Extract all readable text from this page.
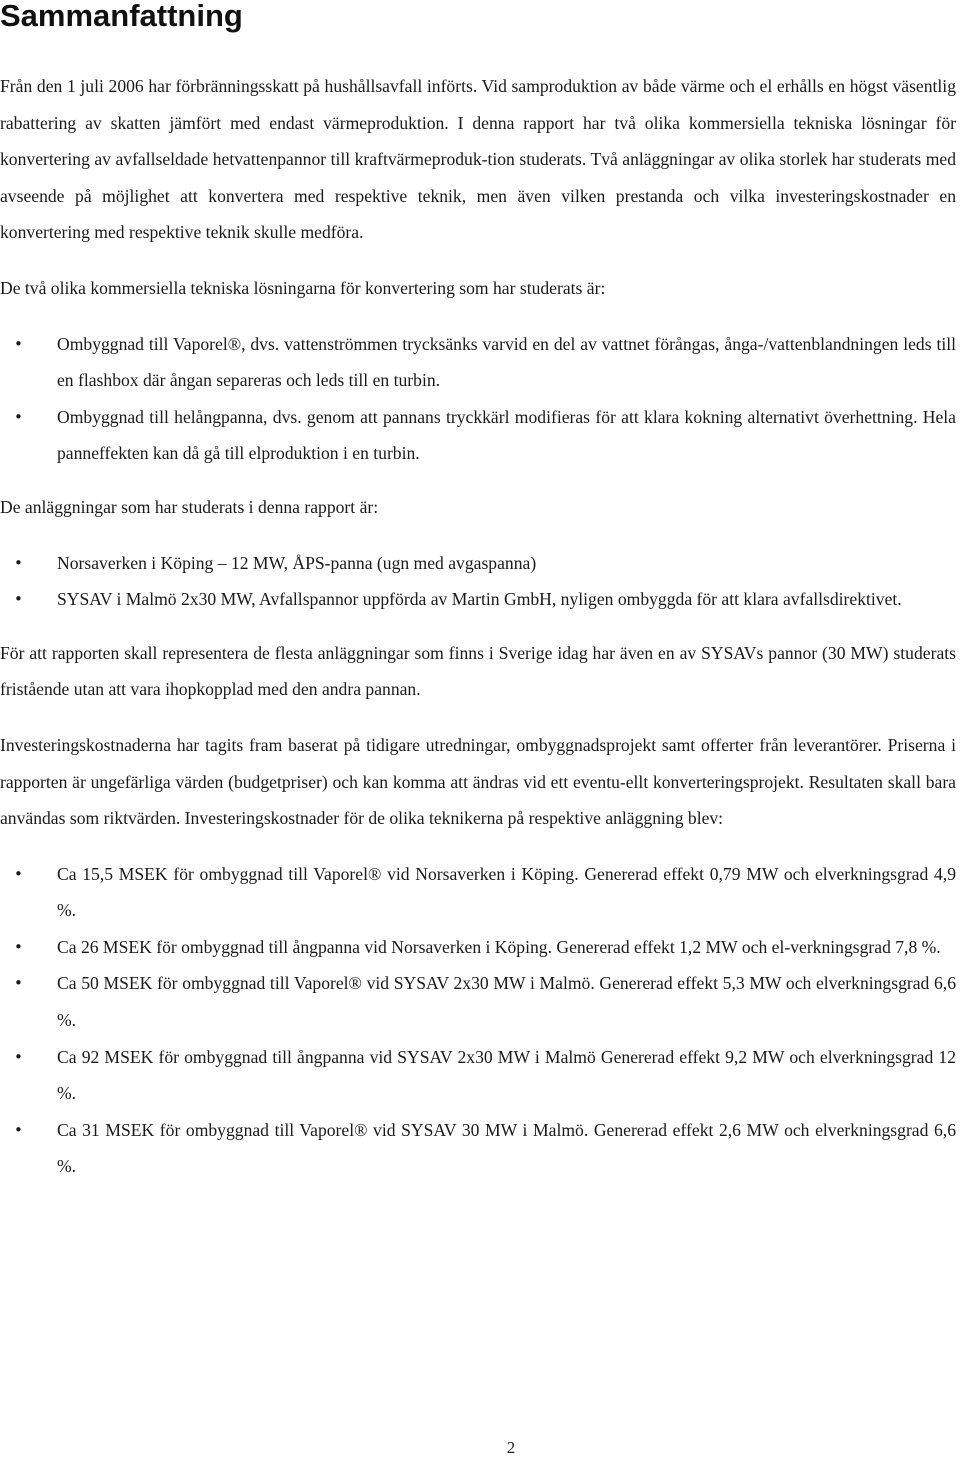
Sammanfattning

Från den 1 juli 2006 har förbränningsskatt på hushållsavfall införts. Vid samproduktion av både värme och el erhålls en högst väsentlig rabattering av skatten jämfört med endast värmeproduktion. I denna rapport har två olika kommersiella tekniska lösningar för konvertering av avfallseldade hetvattenpannor till kraftvärmeproduk-tion studerats. Två anläggningar av olika storlek har studerats med avseende på möjlighet att konvertera med respektive teknik, men även vilken prestanda och vilka investeringskostnader en konvertering med respektive teknik skulle medföra.

De två olika kommersiella tekniska lösningarna för konvertering som har studerats är:

• Ombyggnad till Vaporel®, dvs. vattenströmmen trycksänks varvid en del av vattnet förångas, ånga-/vattenblandningen leds till en flashbox där ångan separeras och leds till en turbin.
• Ombyggnad till helångpanna, dvs. genom att pannans tryckkärl modifieras för att klara kokning alternativt överhettning. Hela panneffekten kan då gå till elproduktion i en turbin.

De anläggningar som har studerats i denna rapport är:

• Norsaverken i Köping – 12 MW, ÅPS-panna (ugn med avgaspanna)
• SYSAV i Malmö 2x30 MW, Avfallspannor uppförda av Martin GmbH, nyligen ombyggda för att klara avfallsdirektivet.

För att rapporten skall representera de flesta anläggningar som finns i Sverige idag har även en av SYSAVs pannor (30 MW) studerats fristående utan att vara ihopkopplad med den andra pannan.

Investeringskostnaderna har tagits fram baserat på tidigare utredningar, ombyggnadsprojekt samt offerter från leverantörer. Priserna i rapporten är ungefärliga värden (budgetpriser) och kan komma att ändras vid ett eventu-ellt konverteringsprojekt. Resultaten skall bara användas som riktvärden. Investeringskostnader för de olika teknikerna på respektive anläggning blev:

• Ca 15,5 MSEK för ombyggnad till Vaporel® vid Norsaverken i Köping. Genererad effekt 0,79 MW och elverkningsgrad 4,9 %.
• Ca 26 MSEK för ombyggnad till ångpanna vid Norsaverken i Köping. Genererad effekt 1,2 MW och el-verkningsgrad 7,8 %.
• Ca 50 MSEK för ombyggnad till Vaporel® vid SYSAV 2x30 MW i Malmö. Genererad effekt 5,3 MW och elverkningsgrad 6,6 %.
• Ca 92 MSEK för ombyggnad till ångpanna vid SYSAV 2x30 MW i Malmö Genererad effekt 9,2 MW och elverkningsgrad 12 %.
• Ca 31 MSEK för ombyggnad till Vaporel® vid SYSAV 30 MW i Malmö. Genererad effekt 2,6 MW och elverkningsgrad 6,6 %.
2
